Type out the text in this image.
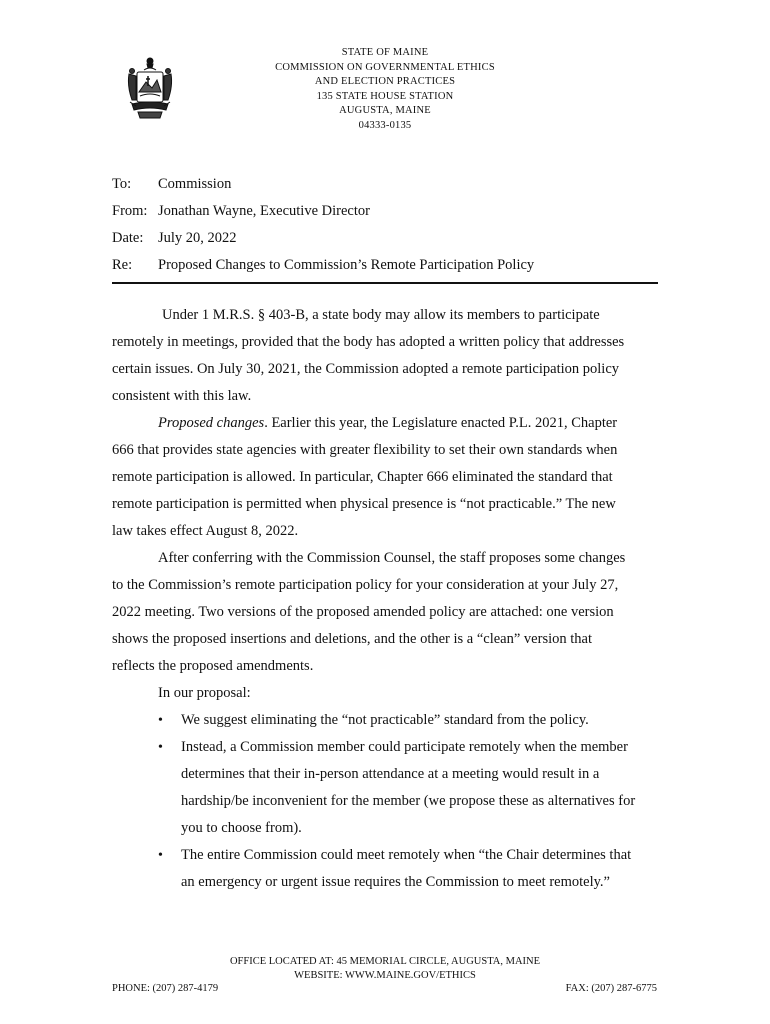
STATE OF MAINE
COMMISSION ON GOVERNMENTAL ETHICS
AND ELECTION PRACTICES
135 STATE HOUSE STATION
AUGUSTA, MAINE
04333-0135
To: Commission
From: Jonathan Wayne, Executive Director
Date: July 20, 2022
Re: Proposed Changes to Commission’s Remote Participation Policy
Under 1 M.R.S. § 403-B, a state body may allow its members to participate
remotely in meetings, provided that the body has adopted a written policy that addresses
certain issues. On July 30, 2021, the Commission adopted a remote participation policy
consistent with this law.
Proposed changes. Earlier this year, the Legislature enacted P.L. 2021, Chapter
666 that provides state agencies with greater flexibility to set their own standards when
remote participation is allowed. In particular, Chapter 666 eliminated the standard that
remote participation is permitted when physical presence is “not practicable.” The new
law takes effect August 8, 2022.
After conferring with the Commission Counsel, the staff proposes some changes
to the Commission’s remote participation policy for your consideration at your July 27,
2022 meeting. Two versions of the proposed amended policy are attached: one version
shows the proposed insertions and deletions, and the other is a “clean” version that
reflects the proposed amendments.
In our proposal:
• We suggest eliminating the “not practicable” standard from the policy.
• Instead, a Commission member could participate remotely when the member
determines that their in-person attendance at a meeting would result in a
hardship/be inconvenient for the member (we propose these as alternatives for
you to choose from).
• The entire Commission could meet remotely when “the Chair determines that
an emergency or urgent issue requires the Commission to meet remotely.”
OFFICE LOCATED AT: 45 MEMORIAL CIRCLE, AUGUSTA, MAINE
WEBSITE: WWW.MAINE.GOV/ETHICS
PHONE: (207) 287-4179	FAX: (207) 287-6775
